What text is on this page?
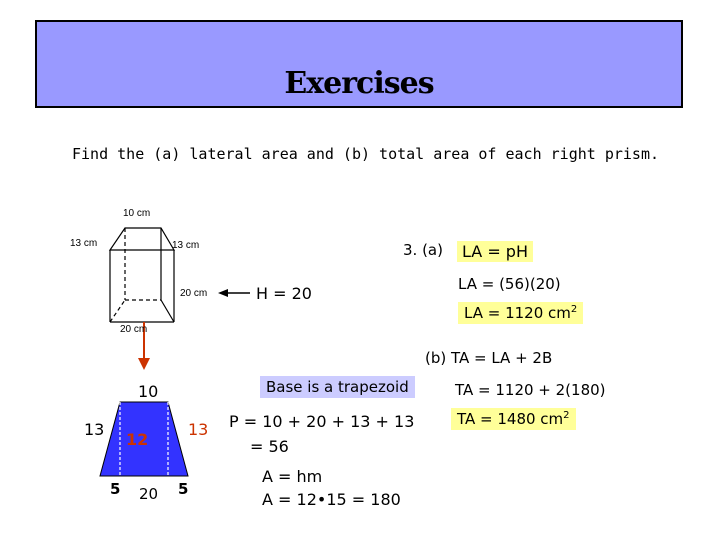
Exercises
Find the (a) lateral area and (b) total area of each right prism.
10 cm
13 cm	13 cm
20 cm
20 cm
H = 20
3. (a)	LA = pH
LA = (56)(20)
LA = 1120 $cm^2$
(b) TA = LA + 2B
Base is a trapezoid	TA = 1120 + 2(180)
TA = 1480 $cm^2$
10
13	13
12
5 20 5
P = 10 + 20 + 13 + 13
= 56
A = hm
A = 12•15 = 180
